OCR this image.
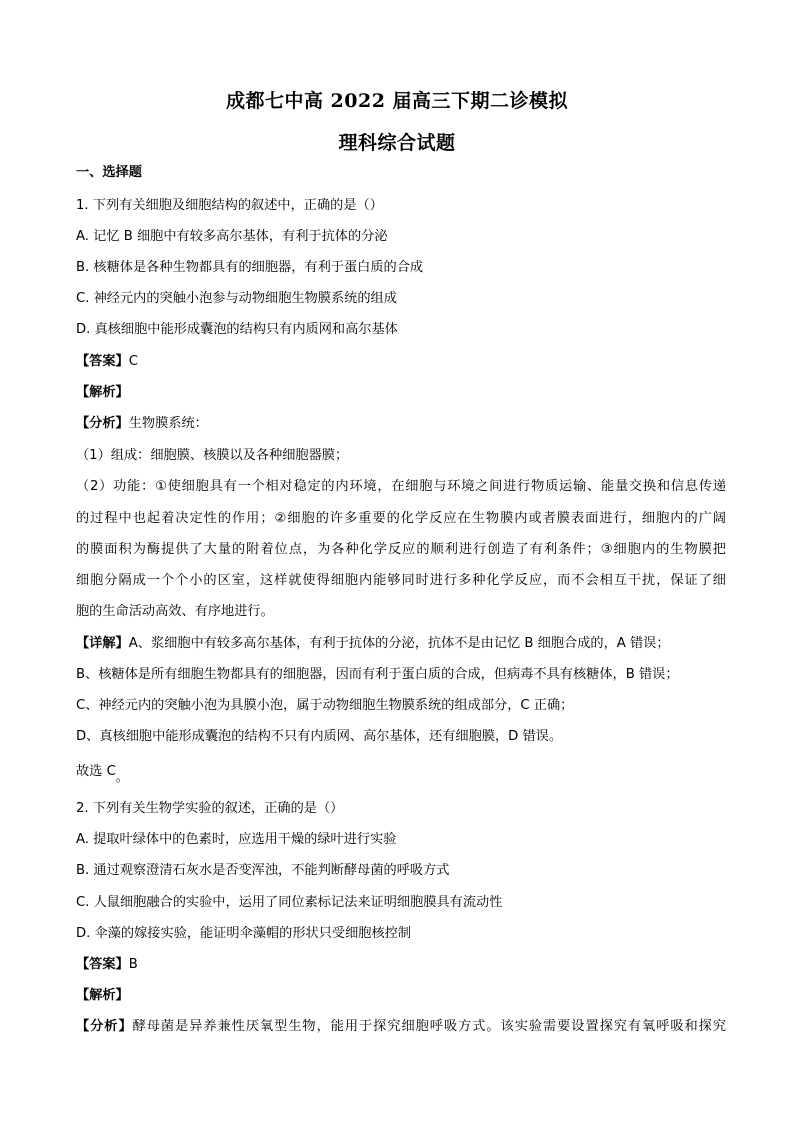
成都七中高 2022 届高三下期二诊模拟
理科综合试题
一、选择题
1. 下列有关细胞及细胞结构的叙述中，正确的是（）
A. 记忆 B 细胞中有较多高尔基体，有利于抗体的分泌
B. 核糖体是各种生物都具有的细胞器，有利于蛋白质的合成
C. 神经元内的突触小泡参与动物细胞生物膜系统的组成
D. 真核细胞中能形成囊泡的结构只有内质网和高尔基体
【答案】C
【解析】
【分析】生物膜系统：
（1）组成：细胞膜、核膜以及各种细胞器膜；
（2）功能：①使细胞具有一个相对稳定的内环境，在细胞与环境之间进行物质运输、能量交换和信息传递
的过程中也起着决定性的作用；②细胞的许多重要的化学反应在生物膜内或者膜表面进行，细胞内的广阔
的膜面积为酶提供了大量的附着位点，为各种化学反应的顺利进行创造了有利条件；③细胞内的生物膜把
细胞分隔成一个个小的区室，这样就使得细胞内能够同时进行多种化学反应，而不会相互干扰，保证了细
胞的生命活动高效、有序地进行。
【详解】A、浆细胞中有较多高尔基体，有利于抗体的分泌，抗体不是由记忆 B 细胞合成的，A 错误；
B、核糖体是所有细胞生物都具有的细胞器，因而有利于蛋白质的合成，但病毒不具有核糖体，B 错误；
C、神经元内的突触小泡为具膜小泡，属于动物细胞生物膜系统的组成部分，C 正确；
D、真核细胞中能形成囊泡的结构不只有内质网、高尔基体，还有细胞膜，D 错误。
故选 C。
2. 下列有关生物学实验的叙述，正确的是（）
A. 提取叶绿体中的色素时，应选用干燥的绿叶进行实验
B. 通过观察澄清石灰水是否变浑浊，不能判断酵母菌的呼吸方式
C. 人鼠细胞融合的实验中，运用了同位素标记法来证明细胞膜具有流动性
D. 伞藻的嫁接实验，能证明伞藻帽的形状只受细胞核控制
【答案】B
【解析】
【分析】酵母菌是异养兼性厌氧型生物，能用于探究细胞呼吸方式。该实验需要设置探究有氧呼吸和探究
